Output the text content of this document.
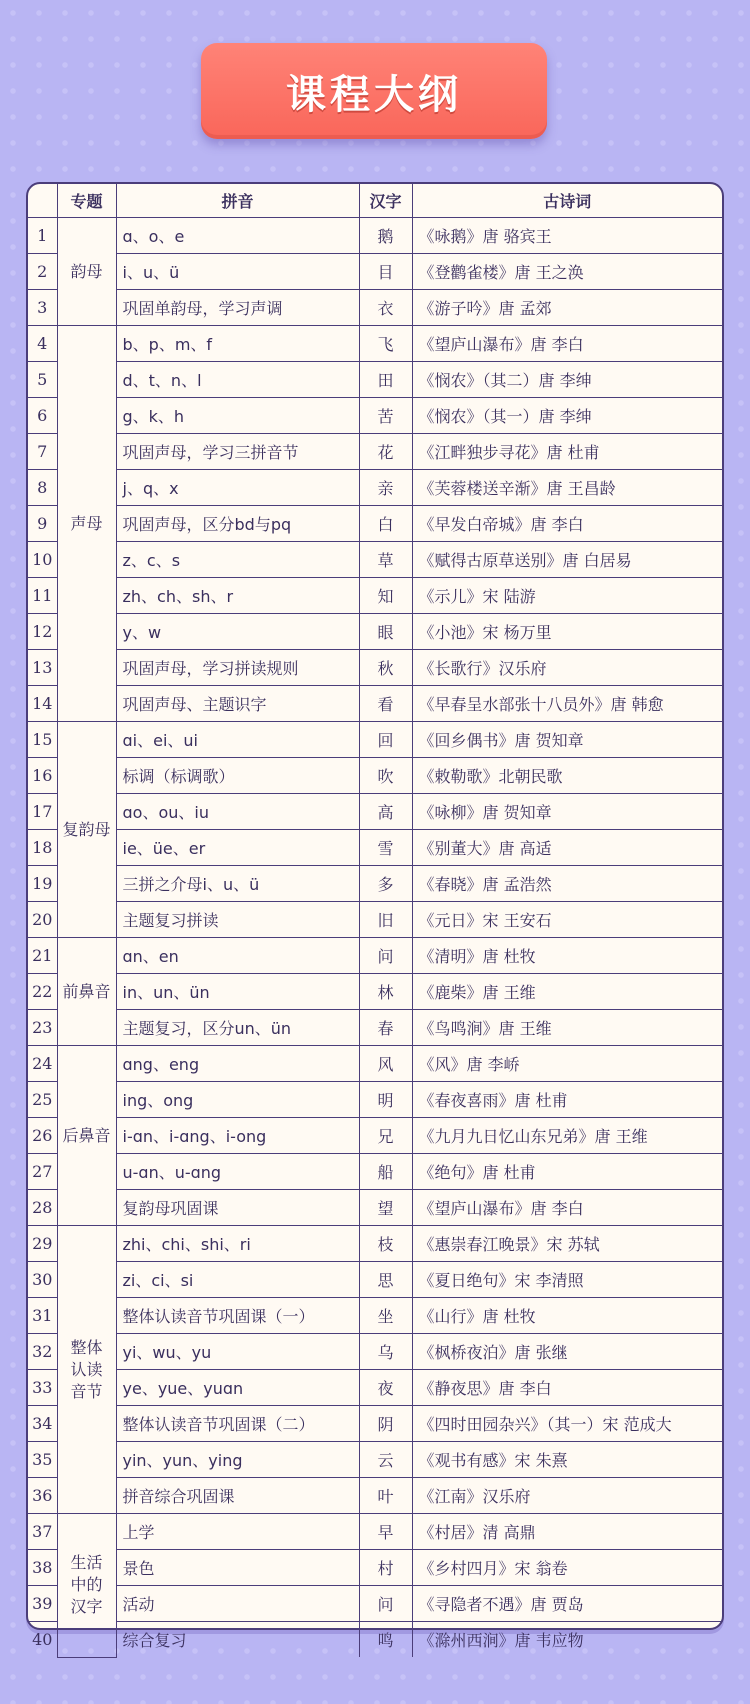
课程大纲
	专题	拼音	汉字	古诗词
1	韵母	ɑ、o、e	鹅	《咏鹅》唐 骆宾王
2		i、u、ü	目	《登鹳雀楼》唐 王之涣
3		巩固单韵母，学习声调	衣	《游子吟》唐 孟郊
4	声母	b、p、m、f	飞	《望庐山瀑布》唐 李白
5		d、t、n、l	田	《悯农》（其二）唐 李绅
6		g、k、h	苦	《悯农》（其一）唐 李绅
7		巩固声母，学习三拼音节	花	《江畔独步寻花》唐 杜甫
8		j、q、x	亲	《芙蓉楼送辛渐》唐 王昌龄
9		巩固声母，区分bd与pq	白	《早发白帝城》唐 李白
10		z、c、s	草	《赋得古原草送别》唐 白居易
11		zh、ch、sh、r	知	《示儿》宋 陆游
12		y、w	眼	《小池》宋 杨万里
13		巩固声母，学习拼读规则	秋	《长歌行》汉乐府
14		巩固声母、主题识字	看	《早春呈水部张十八员外》唐 韩愈
15	复韵母	ɑi、ei、ui	回	《回乡偶书》唐 贺知章
16		标调（标调歌）	吹	《敕勒歌》北朝民歌
17		ɑo、ou、iu	高	《咏柳》唐 贺知章
18		ie、üe、er	雪	《别董大》唐 高适
19		三拼之介母i、u、ü	多	《春晓》唐 孟浩然
20		主题复习拼读	旧	《元日》宋 王安石
21	前鼻音	ɑn、en	问	《清明》唐 杜牧
22		in、un、ün	林	《鹿柴》唐 王维
23		主题复习，区分un、ün	春	《鸟鸣涧》唐 王维
24	后鼻音	ɑng、eng	风	《风》唐 李峤
25		ing、ong	明	《春夜喜雨》唐 杜甫
26		i-ɑn、i-ɑng、i-ong	兄	《九月九日忆山东兄弟》唐 王维
27		u-ɑn、u-ɑng	船	《绝句》唐 杜甫
28		复韵母巩固课	望	《望庐山瀑布》唐 李白
29	整体
认读
音节	zhi、chi、shi、ri	枝	《惠崇春江晚景》宋 苏轼
30		zi、ci、si	思	《夏日绝句》宋 李清照
31		整体认读音节巩固课（一）	坐	《山行》唐 杜牧
32		yi、wu、yu	乌	《枫桥夜泊》唐 张继
33		ye、yue、yuɑn	夜	《静夜思》唐 李白
34		整体认读音节巩固课（二）	阴	《四时田园杂兴》（其一）宋 范成大
35		yin、yun、ying	云	《观书有感》宋 朱熹
36		拼音综合巩固课	叶	《江南》汉乐府
37	生活
中的
汉字	上学	早	《村居》清 高鼎
38		景色	村	《乡村四月》宋 翁卷
39		活动	问	《寻隐者不遇》唐 贾岛
40		综合复习	鸣	《滁州西涧》唐 韦应物
